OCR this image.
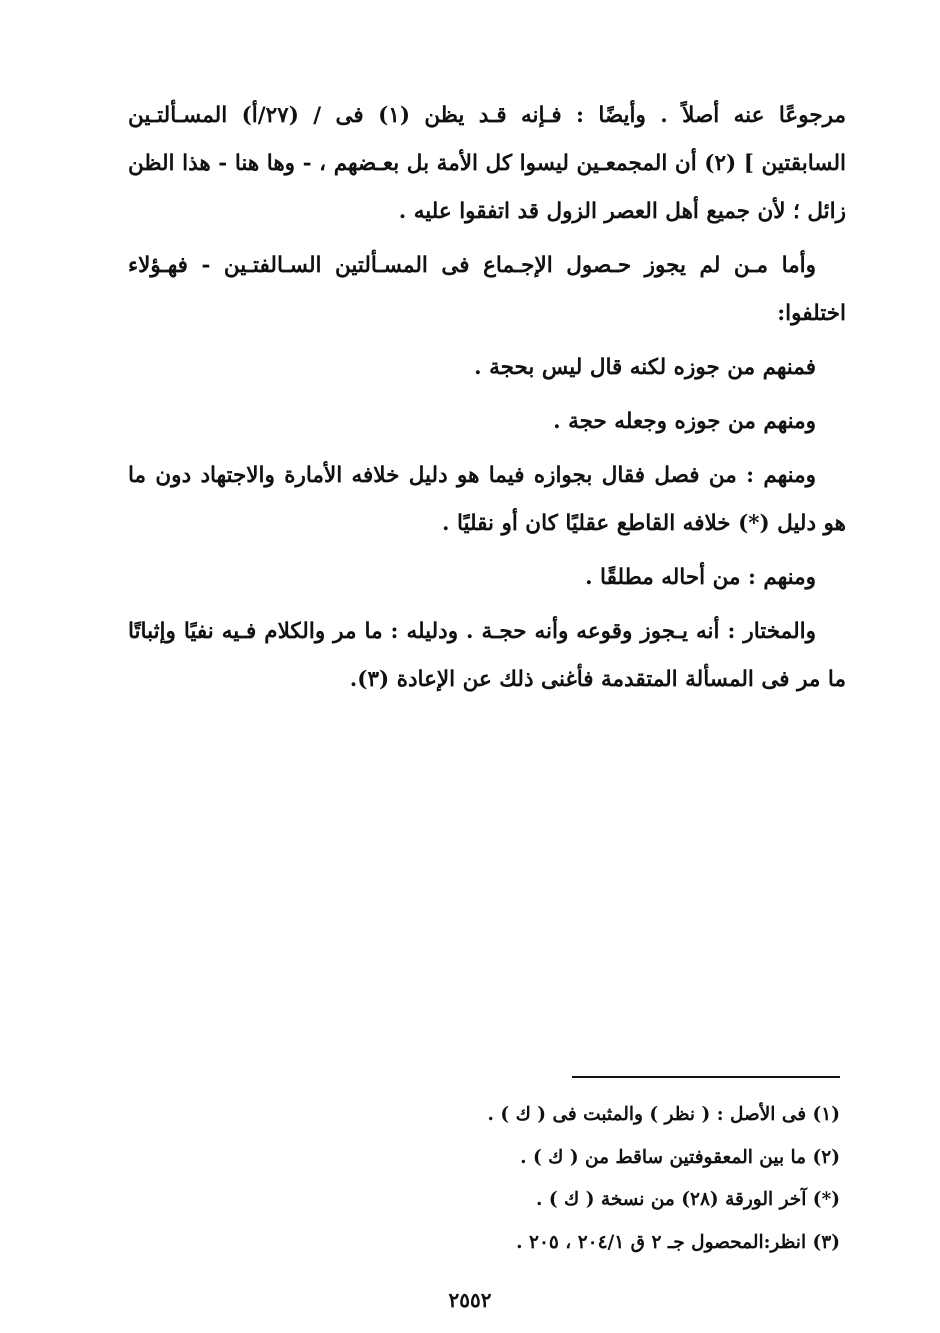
مرجوعًا عنه أصلاً . وأيضًا : فـإنه قـد يظن (١) فى / (٢٧/أ) المسـألتـين السابقتين ] (٢) أن المجمعـين ليسوا كل الأمة بل بعـضهم ، - وها هنا - هذا الظن زائل ؛ لأن جميع أهل العصر الزول قد اتفقوا عليه .

وأما مـن لم يجوز حـصول الإجـماع فى المسـألتين السـالفتـين - فهـؤلاء اختلفوا:

فمنهم من جوزه لكنه قال ليس بحجة .

ومنهم من جوزه وجعله حجة .

ومنهم : من فصل فقال بجوازه فيما هو دليل خلافه الأمارة والاجتهاد دون ما هو دليل (*) خلافه القاطع عقليًا كان أو نقليًا .

ومنهم : من أحاله مطلقًا .

والمختار : أنه يـجوز وقوعه وأنه حجـة . ودليله : ما مر والكلام فـيه نفيًا وإثباتًا ما مر فى المسألة المتقدمة فأغنى ذلك عن الإعادة (٣).

(١) فى الأصل : ( نظر ) والمثبت فى ( ك ) .

(٢) ما بين المعقوفتين ساقط من ( ك ) .

(*) آخر الورقة (٢٨) من نسخة ( ك ) .

(٣) انظر:المحصول جـ ٢ ق ٢٠٤/١ ، ٢٠٥ .

٢٥٥٢
